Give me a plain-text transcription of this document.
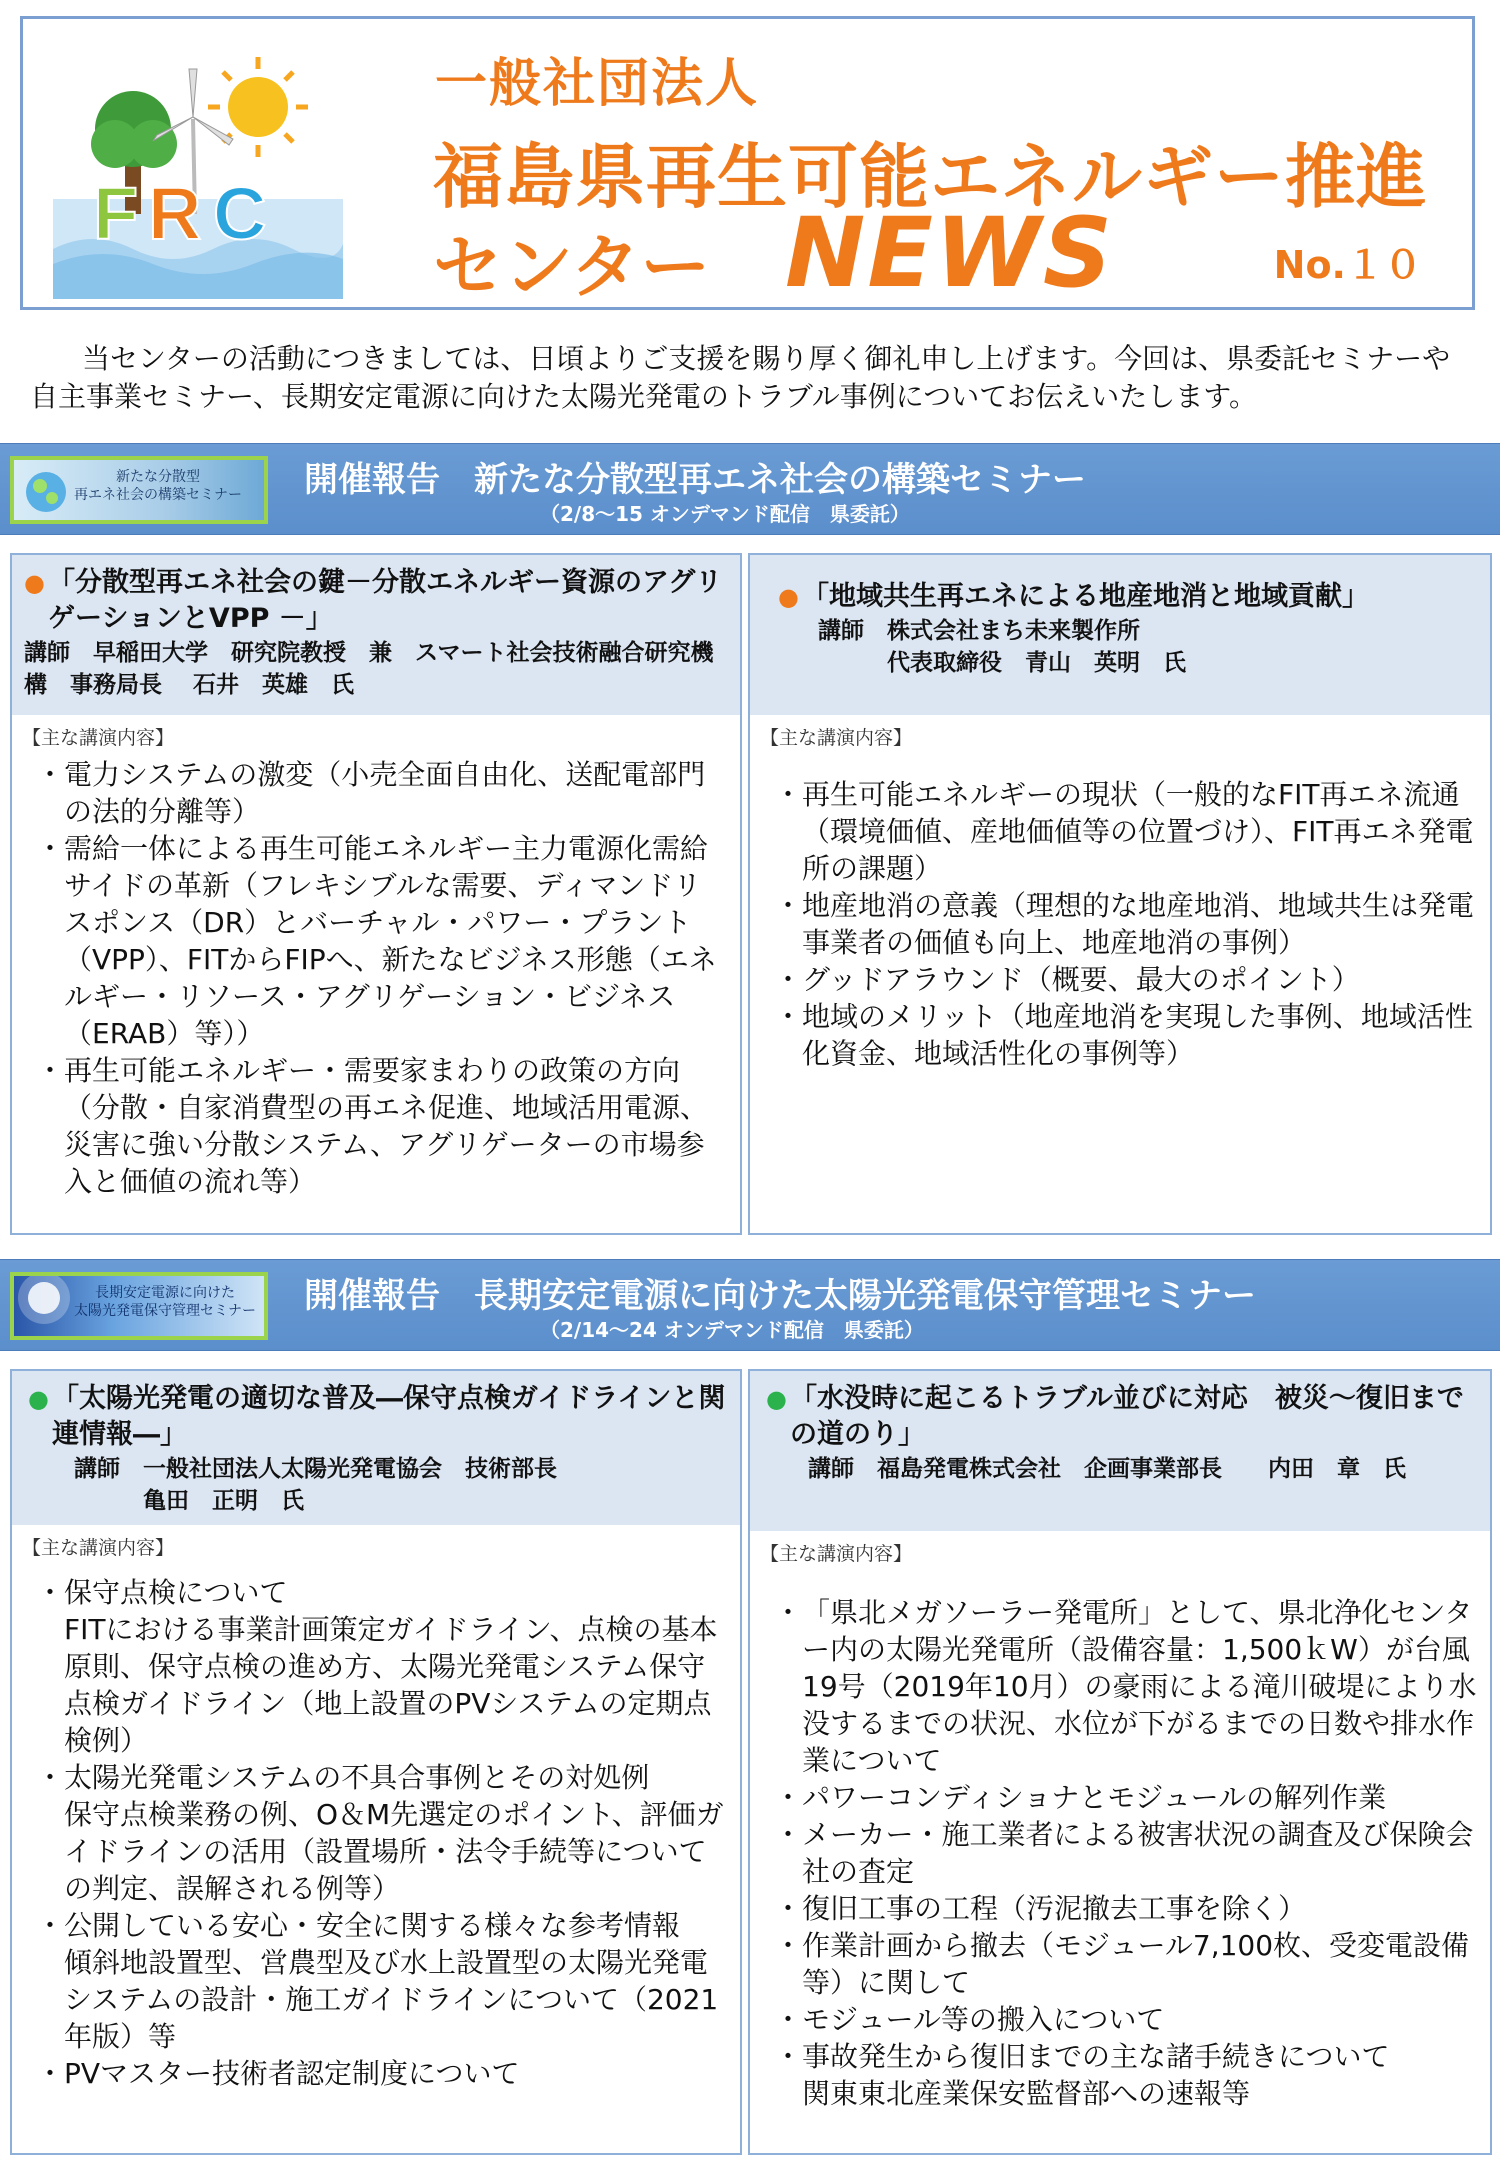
F R C
一般社団法人
福島県再生可能エネルギー推進
センター NEWS	No.１０

当センターの活動につきましては、日頃よりご支援を賜り厚く御礼申し上げます。今回は、県委託セミナーや自主事業セミナー、長期安定電源に向けた太陽光発電のトラブル事例についてお伝えいたします。

新たな分散型
再エネ社会の構築セミナー 開催報告　新たな分散型再エネ社会の構築セミナー
（2/8～15 オンデマンド配信　県委託）
● 「分散型再エネ社会の鍵－分散エネルギー資源のアグリゲーションとVPP －」
講師　早稲田大学　研究院教授　兼　スマート社会技術融合研究機構　事務局長　 石井　英雄　氏
【主な講演内容】
・ 電力システムの激変（小売全面自由化、送配電部門の法的分離等）
・ 需給一体による再生可能エネルギー主力電源化需給サイドの革新（フレキシブルな需要、ディマンドリスポンス（DR）とバーチャル・パワー・プラント（VPP）、FITからFIPへ、新たなビジネス形態（エネルギー・リソース・アグリゲーション・ビジネス（ERAB）等））
・ 再生可能エネルギー・需要家まわりの政策の方向（分散・自家消費型の再エネ促進、地域活用電源、災害に強い分散システム、アグリゲーターの市場参入と価値の流れ等）
● 「地域共生再エネによる地産地消と地域貢献」
講師　株式会社まち未来製作所
　　　代表取締役　青山　英明　氏
【主な講演内容】
・ 再生可能エネルギーの現状（一般的なFIT再エネ流通（環境価値、産地価値等の位置づけ）、FIT再エネ発電所の課題）
・ 地産地消の意義（理想的な地産地消、地域共生は発電事業者の価値も向上、地産地消の事例）
・ グッドアラウンド（概要、最大のポイント）
・ 地域のメリット（地産地消を実現した事例、地域活性化資金、地域活性化の事例等）
長期安定電源に向けた
太陽光発電保守管理セミナー 開催報告　長期安定電源に向けた太陽光発電保守管理セミナー
（2/14～24 オンデマンド配信　県委託）
● 「太陽光発電の適切な普及―保守点検ガイドラインと関連情報―」
講師　一般社団法人太陽光発電協会　技術部長
　　　亀田　正明　氏
【主な講演内容】
・ 保守点検について
FITにおける事業計画策定ガイドライン、点検の基本原則、保守点検の進め方、太陽光発電システム保守点検ガイドライン（地上設置のPVシステムの定期点検例）
・ 太陽光発電システムの不具合事例とその対処例
保守点検業務の例、O＆M先選定のポイント、評価ガイドラインの活用（設置場所・法令手続等についての判定、誤解される例等）
・ 公開している安心・安全に関する様々な参考情報
傾斜地設置型、営農型及び水上設置型の太陽光発電システムの設計・施工ガイドラインについて（2021年版）等
・ PVマスター技術者認定制度について
● 「水没時に起こるトラブル並びに対応　被災～復旧までの道のり」
講師　福島発電株式会社　企画事業部長　　内田　章　氏
【主な講演内容】
・ 「県北メガソーラー発電所」として、県北浄化センター内の太陽光発電所（設備容量：1,500ｋW）が台風19号（2019年10月）の豪雨による滝川破堤により水没するまでの状況、水位が下がるまでの日数や排水作業について
・ パワーコンディショナとモジュールの解列作業
・ メーカー・施工業者による被害状況の調査及び保険会社の査定
・ 復旧工事の工程（汚泥撤去工事を除く）
・ 作業計画から撤去（モジュール7,100枚、受変電設備等）に関して
・ モジュール等の搬入について
・ 事故発生から復旧までの主な諸手続きについて
関東東北産業保安監督部への速報等
